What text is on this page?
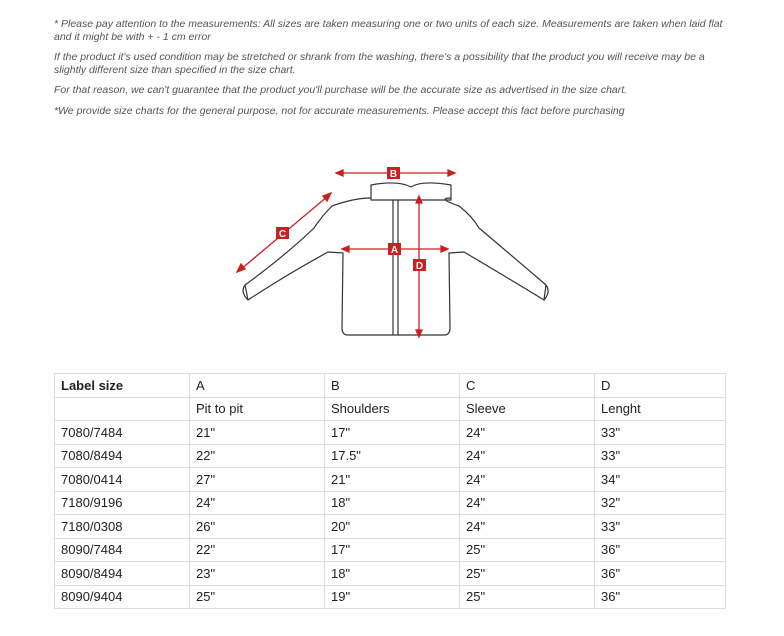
* Please pay attention to the measurements: All sizes are taken measuring one or two units of each size. Measurements are taken when laid flat and it might be with + - 1 cm error

If the product it's used condition may be stretched or shrank from the washing, there's a possibility that the product you will receive may be a slightly different size than specified in the size chart.

For that reason, we can't guarantee that the product you'll purchase will be the accurate size as advertised in the size chart.

*We provide size charts for the general purpose, not for accurate measurements. Please accept this fact before purchasing

B
A
D
C
Label size	A	B	C	D
	Pit to pit	Shoulders	Sleeve	Lenght
7080/7484	21"	17"	24"	33"
7080/8494	22"	17.5"	24"	33"
7080/0414	27"	21"	24"	34"
7180/9196	24"	18"	24"	32"
7180/0308	26"	20"	24"	33"
8090/7484	22"	17"	25"	36"
8090/8494	23"	18"	25"	36"
8090/9404	25"	19"	25"	36"
